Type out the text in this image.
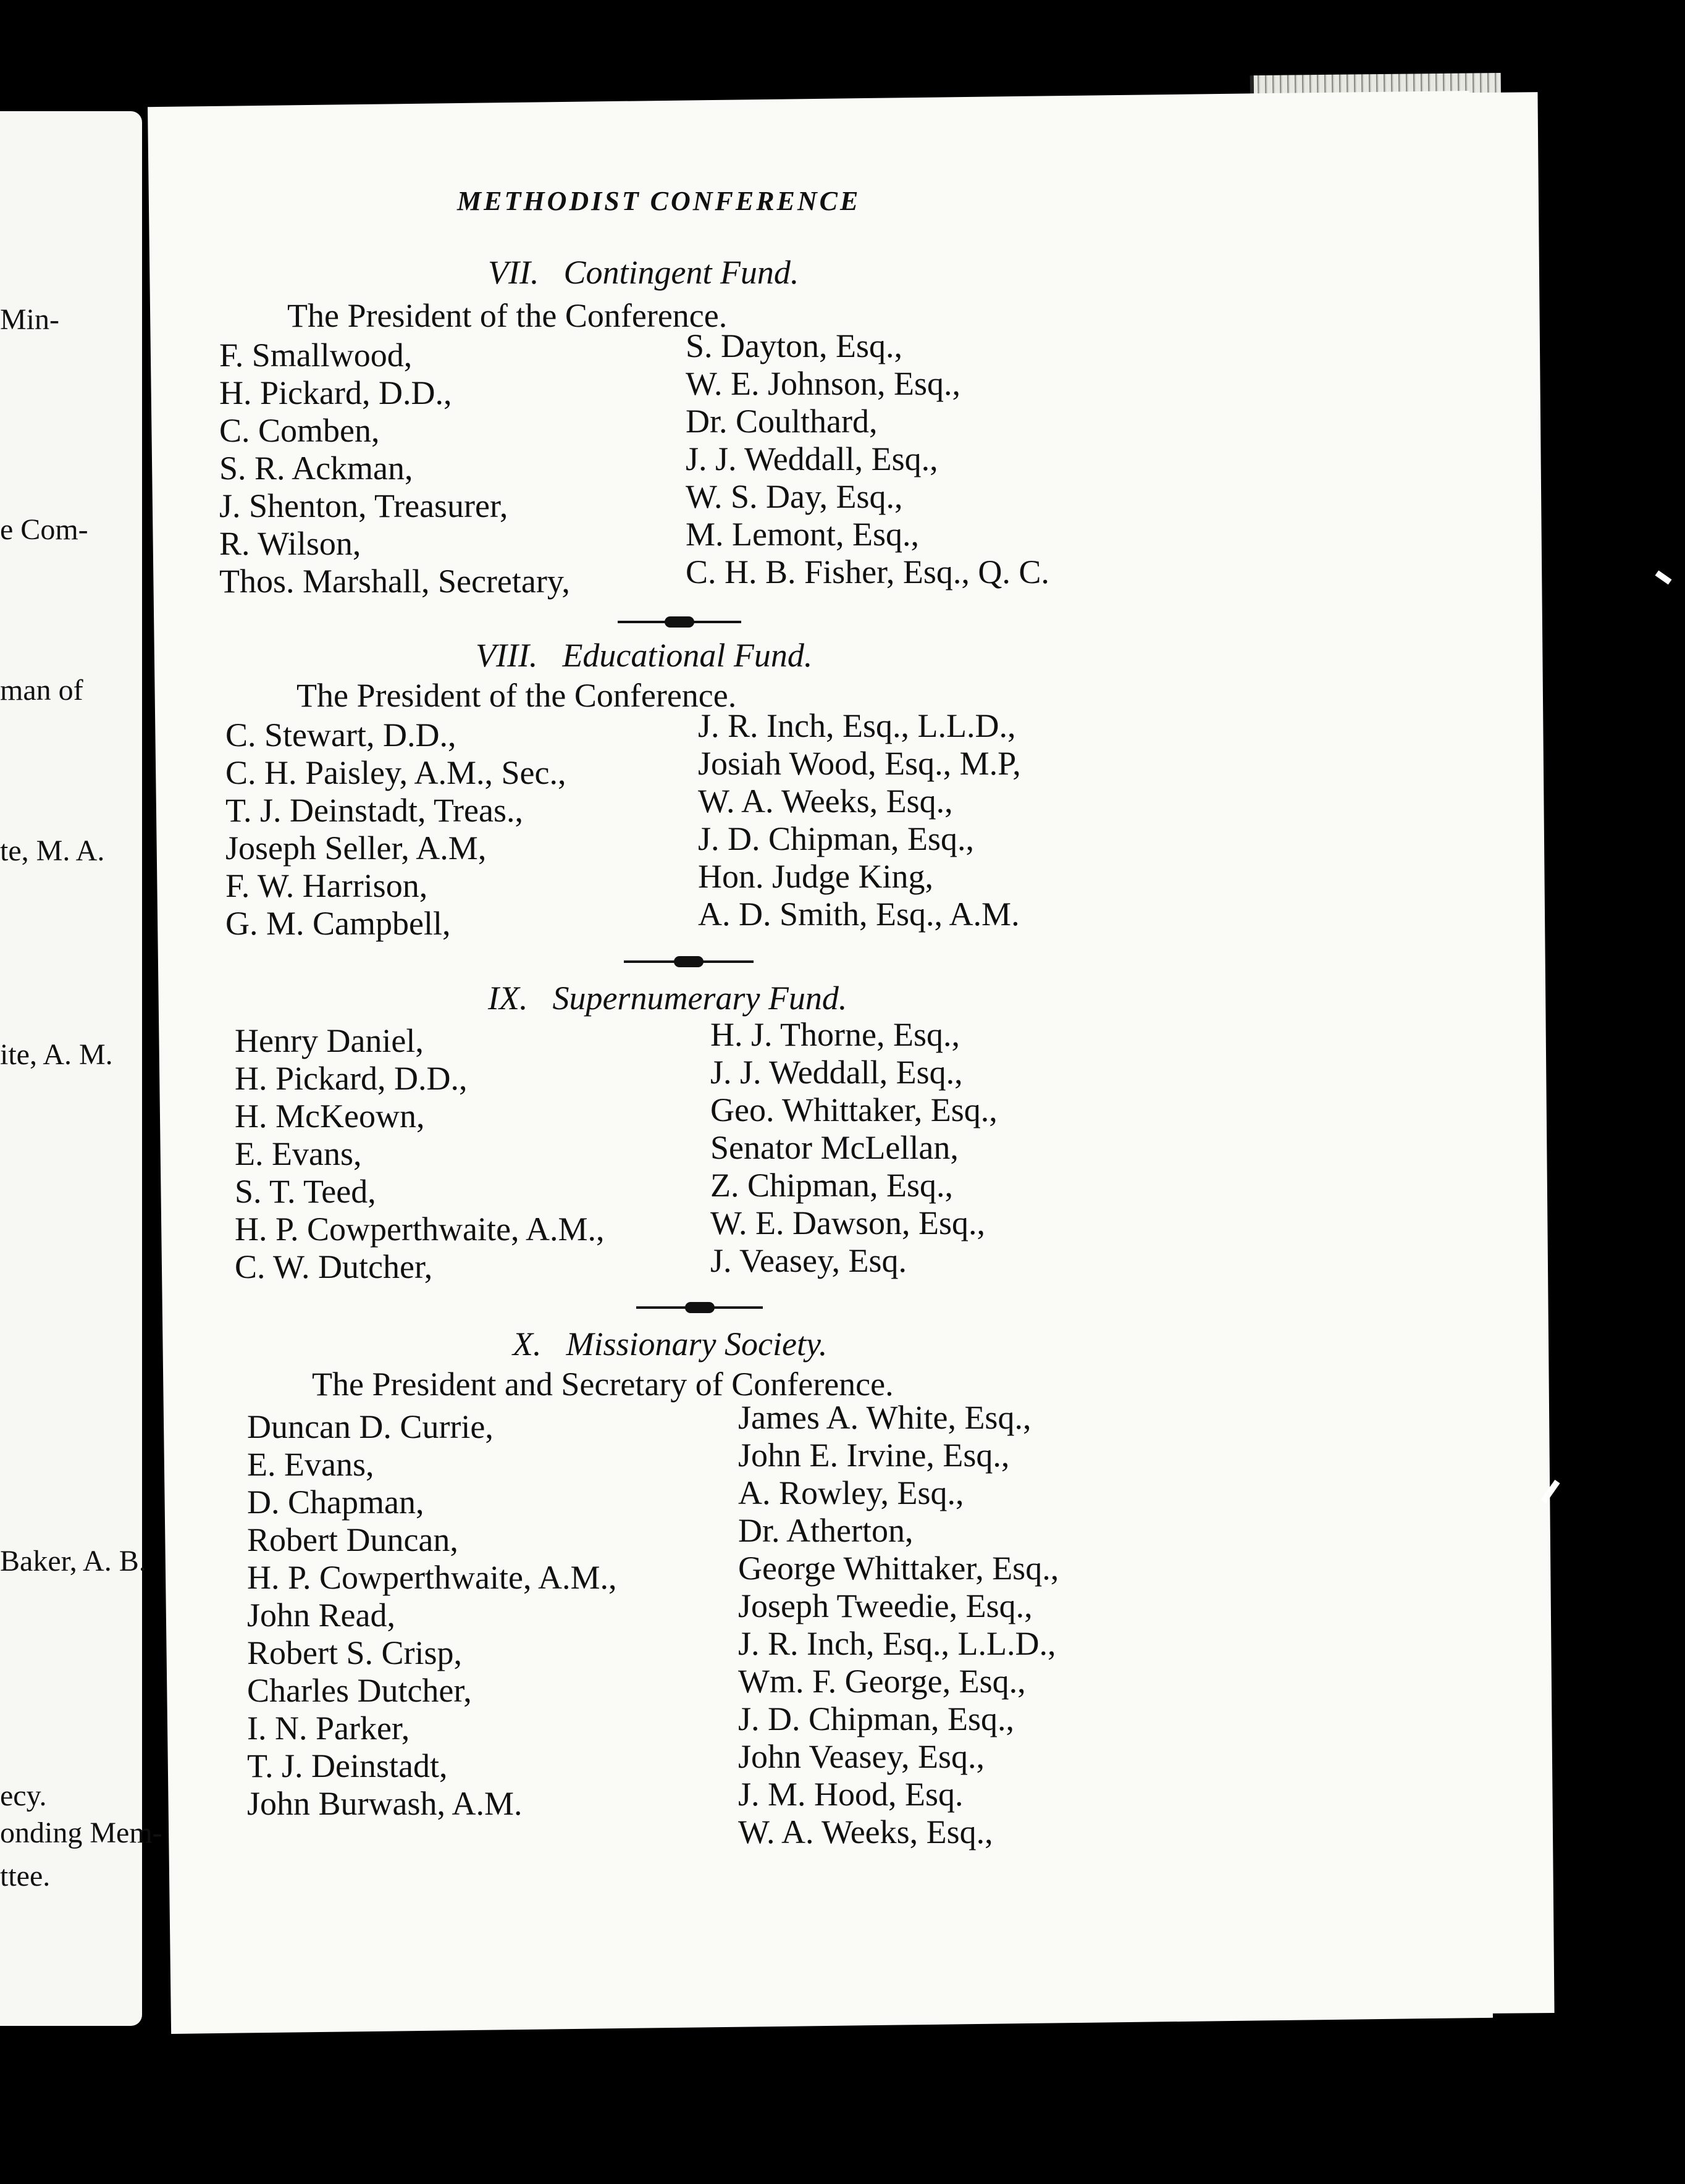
Min-
e Com-
man of
te, M. A.
ite, A. M.
Baker, A. B.
ecy.
onding Mem-
ttee.
METHODIST CONFERENCE
VII. Contingent Fund.
The President of the Conference.
F. Smallwood,
H. Pickard, D.D.,
C. Comben,
S. R. Ackman,
J. Shenton, Treasurer,
R. Wilson,
Thos. Marshall, Secretary,
S. Dayton, Esq.,
W. E. Johnson, Esq.,
Dr. Coulthard,
J. J. Weddall, Esq.,
W. S. Day, Esq.,
M. Lemont, Esq.,
C. H. B. Fisher, Esq., Q. C.
VIII. Educational Fund.
The President of the Conference.
C. Stewart, D.D.,
C. H. Paisley, A.M., Sec.,
T. J. Deinstadt, Treas.,
Joseph Seller, A.M,
F. W. Harrison,
G. M. Campbell,
J. R. Inch, Esq., L.L.D.,
Josiah Wood, Esq., M.P,
W. A. Weeks, Esq.,
J. D. Chipman, Esq.,
Hon. Judge King,
A. D. Smith, Esq., A.M.
IX. Supernumerary Fund.
Henry Daniel,
H. Pickard, D.D.,
H. McKeown,
E. Evans,
S. T. Teed,
H. P. Cowperthwaite, A.M.,
C. W. Dutcher,
H. J. Thorne, Esq.,
J. J. Weddall, Esq.,
Geo. Whittaker, Esq.,
Senator McLellan,
Z. Chipman, Esq.,
W. E. Dawson, Esq.,
J. Veasey, Esq.
X. Missionary Society.
The President and Secretary of Conference.
Duncan D. Currie,
E. Evans,
D. Chapman,
Robert Duncan,
H. P. Cowperthwaite, A.M.,
John Read,
Robert S. Crisp,
Charles Dutcher,
I. N. Parker,
T. J. Deinstadt,
John Burwash, A.M.
James A. White, Esq.,
John E. Irvine, Esq.,
A. Rowley, Esq.,
Dr. Atherton,
George Whittaker, Esq.,
Joseph Tweedie, Esq.,
J. R. Inch, Esq., L.L.D.,
Wm. F. George, Esq.,
J. D. Chipman, Esq.,
John Veasey, Esq.,
J. M. Hood, Esq.
W. A. Weeks, Esq.,
